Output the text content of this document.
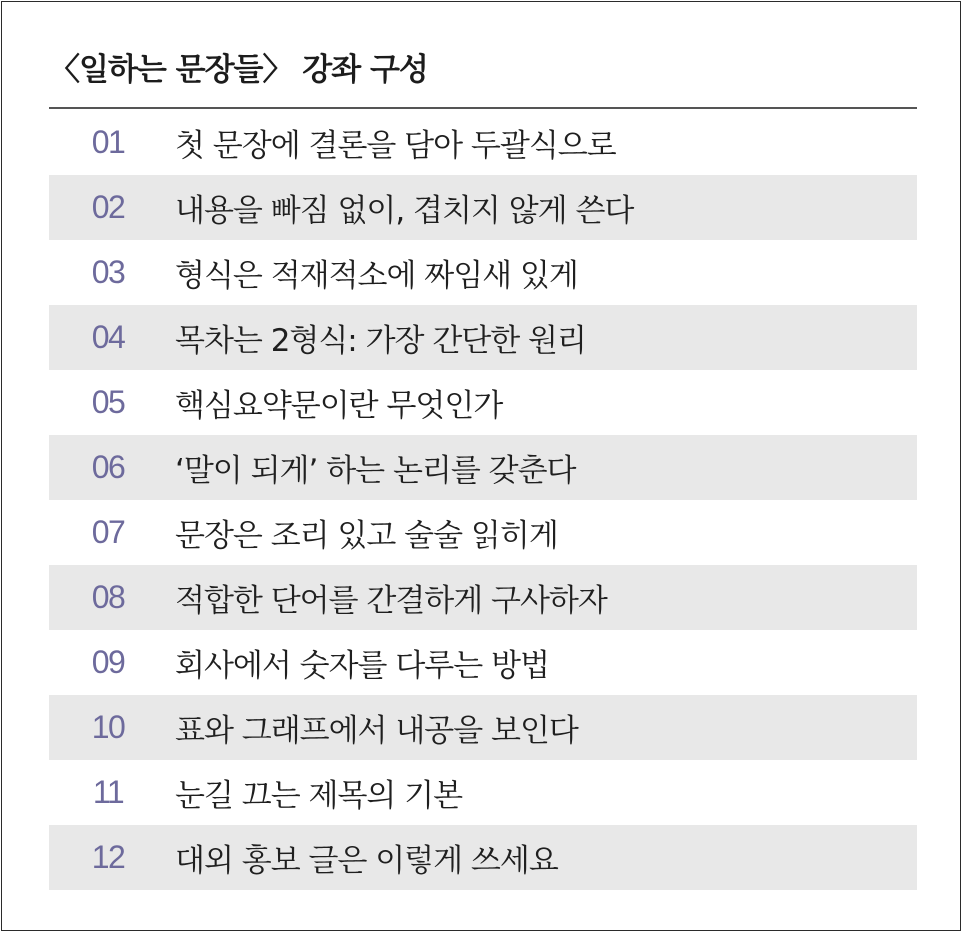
〈일하는 문장들〉 강좌 구성
01	첫 문장에 결론을 담아 두괄식으로
02	내용을 빠짐 없이, 겹치지 않게 쓴다
03	형식은 적재적소에 짜임새 있게
04	목차는 2형식: 가장 간단한 원리
05	핵심요약문이란 무엇인가
06	‘말이 되게’ 하는 논리를 갖춘다
07	문장은 조리 있고 술술 읽히게
08	적합한 단어를 간결하게 구사하자
09	회사에서 숫자를 다루는 방법
10	표와 그래프에서 내공을 보인다
11	눈길 끄는 제목의 기본
12	대외 홍보 글은 이렇게 쓰세요
